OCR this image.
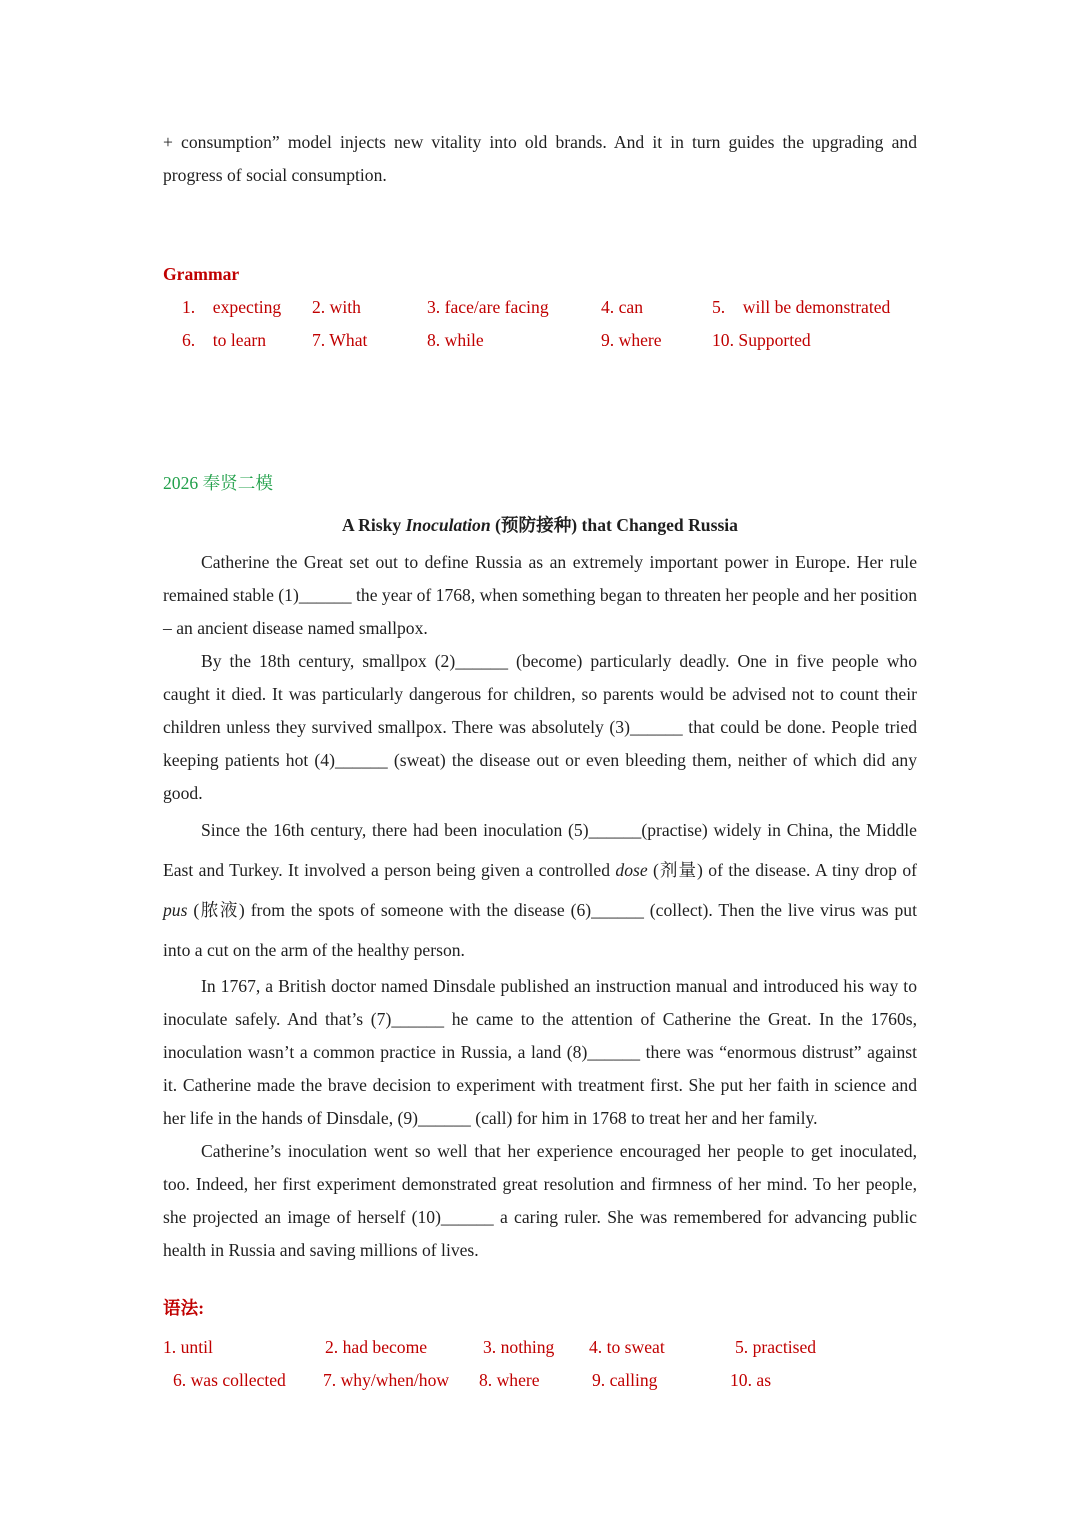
+ consumption” model injects new vitality into old brands. And it in turn guides the upgrading and progress of social consumption.

Grammar
1. expecting 2. with	3. face/are facing	4. can	5. will be demonstrated
6. to learn	7. What	8. while	9. where	10. Supported
2026 奉贤二模
A Risky Inoculation (预防接种) that Changed Russia

Catherine the Great set out to define Russia as an extremely important power in Europe. Her rule remained stable (1)______ the year of 1768, when something began to threaten her people and her position – an ancient disease named smallpox.

By the 18th century, smallpox (2)______ (become) particularly deadly. One in five people who caught it died. It was particularly dangerous for children, so parents would be advised not to count their children unless they survived smallpox. There was absolutely (3)______ that could be done. People tried keeping patients hot (4)______ (sweat) the disease out or even bleeding them, neither of which did any good.

Since the 16th century, there had been inoculation (5)______(practise) widely in China, the Middle East and Turkey. It involved a person being given a controlled dose (剂量) of the disease. A tiny drop of pus (脓液) from the spots of someone with the disease (6)______ (collect). Then the live virus was put into a cut on the arm of the healthy person.

In 1767, a British doctor named Dinsdale published an instruction manual and introduced his way to inoculate safely. And that’s (7)______ he came to the attention of Catherine the Great. In the 1760s, inoculation wasn’t a common practice in Russia, a land (8)______ there was “enormous distrust” against it. Catherine made the brave decision to experiment with treatment first. She put her faith in science and her life in the hands of Dinsdale, (9)______ (call) for him in 1768 to treat her and her family.

Catherine’s inoculation went so well that her experience encouraged her people to get inoculated, too. Indeed, her first experiment demonstrated great resolution and firmness of her mind. To her people, she projected an image of herself (10)______ a caring ruler. She was remembered for advancing public health in Russia and saving millions of lives.

语法:
1. until	2. had become	3. nothing 4. to sweat	5. practised
6. was collected 7. why/when/how 8. where	9. calling	10. as
